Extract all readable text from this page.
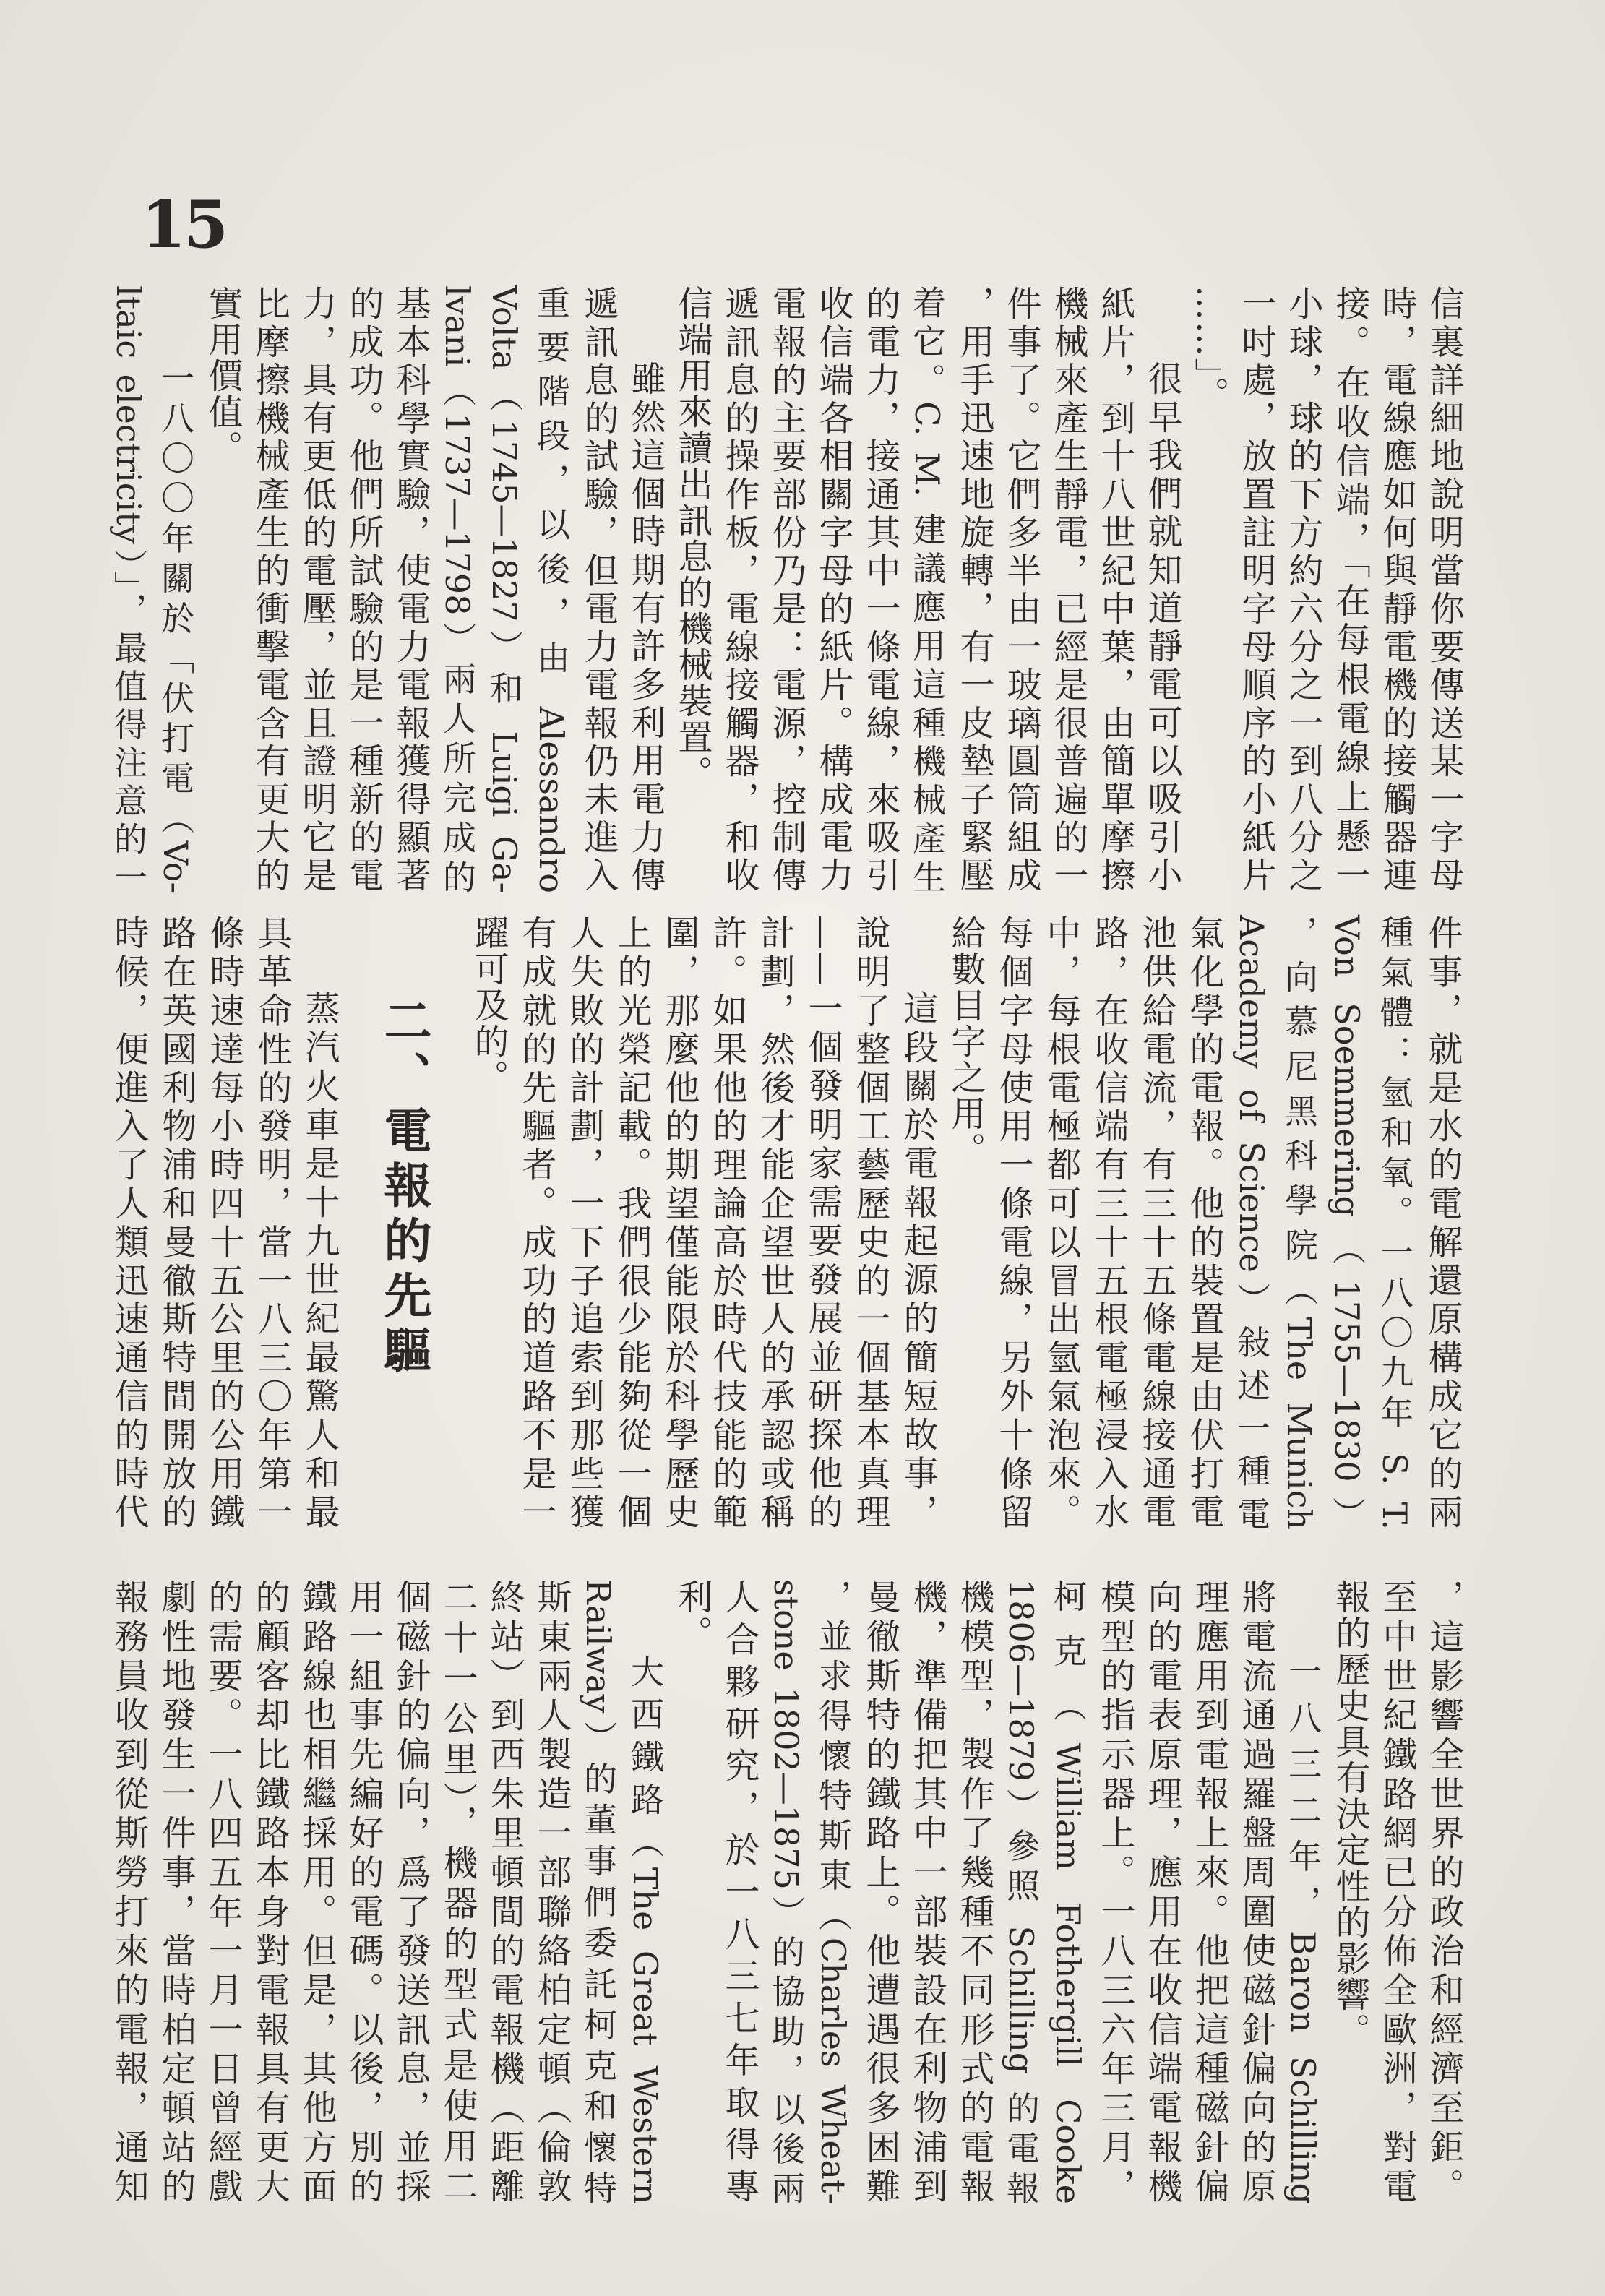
15
信裏詳細地說明當你要傳送某一字母
時，電線應如何與靜電機的接觸器連
接。在收信端，「在每根電線上懸一
小球，球的下方約六分之一到八分之
一吋處，放置註明字母順序的小紙片
……」。
很早我們就知道靜電可以吸引小
紙片，到十八世紀中葉，由簡單摩擦
機械來產生靜電，已經是很普遍的一
件事了。它們多半由一玻璃圓筒組成
，用手迅速地旋轉，有一皮墊子緊壓
着它。C. M. 建議應用這種機械產生
的電力，接通其中一條電線，來吸引
收信端各相關字母的紙片。構成電力
電報的主要部份乃是：電源，控制傳
遞訊息的操作板，電線接觸器，和收
信端用來讀出訊息的機械裝置。
雖然這個時期有許多利用電力傳
遞訊息的試驗，但電力電報仍未進入
重要階段，以後，由 Alessandro
Volta（1745—1827）和 Luigi Ga-
lvani（1737—1798）兩人所完成的
基本科學實驗，使電力電報獲得顯著
的成功。他們所試驗的是一種新的電
力，具有更低的電壓，並且證明它是
比摩擦機械產生的衝擊電含有更大的
實用價值。
一八〇〇年關於「伏打電（Vo-
ltaic electricity）」，最值得注意的一
件事，就是水的電解還原構成它的兩
種氣體：氫和氧。一八〇九年 S. T.
Von Soemmering（1755—1830）
，向慕尼黑科學院（The Munich
Academy of Science）敍述一種電
氣化學的電報。他的裝置是由伏打電
池供給電流，有三十五條電線接通電
路，在收信端有三十五根電極浸入水
中，每根電極都可以冒出氫氣泡來。
每個字母使用一條電線，另外十條留
給數目字之用。
這段關於電報起源的簡短故事，
說明了整個工藝歷史的一個基本真理
——一個發明家需要發展並研探他的
計劃，然後才能企望世人的承認或稱
許。如果他的理論高於時代技能的範
圍，那麼他的期望僅能限於科學歷史
上的光榮記載。我們很少能夠從一個
人失敗的計劃，一下子追索到那些獲
有成就的先驅者。成功的道路不是一
躍可及的。
二、電報的先驅
蒸汽火車是十九世紀最驚人和最
具革命性的發明，當一八三〇年第一
條時速達每小時四十五公里的公用鐵
路在英國利物浦和曼徹斯特間開放的
時候，便進入了人類迅速通信的時代
，這影響全世界的政治和經濟至鉅。
至中世紀鐵路網已分佈全歐洲，對電
報的歷史具有決定性的影響。
一八三二年，Baron Schilling
將電流通過羅盤周圍使磁針偏向的原
理應用到電報上來。他把這種磁針偏
向的電表原理，應用在收信端電報機
模型的指示器上。一八三六年三月，
柯克（William Fothergill Cooke
1806—1879）參照 Schilling 的電報
機模型，製作了幾種不同形式的電報
機，準備把其中一部裝設在利物浦到
曼徹斯特的鐵路上。他遭遇很多困難
，並求得懷特斯東（Charles Wheat-
stone 1802—1875）的協助，以後兩
人合夥研究，於一八三七年取得專
利。
大西鐵路（The Great Western
Railway）的董事們委託柯克和懷特
斯東兩人製造一部聯絡柏定頓（倫敦
終站）到西朱里頓間的電報機（距離
二十一公里），機器的型式是使用二
個磁針的偏向，爲了發送訊息，並採
用一組事先編好的電碼。以後，別的
鐵路線也相繼採用。但是，其他方面
的顧客却比鐵路本身對電報具有更大
的需要。一八四五年一月一日曾經戲
劇性地發生一件事，當時柏定頓站的
報務員收到從斯勞打來的電報，通知
